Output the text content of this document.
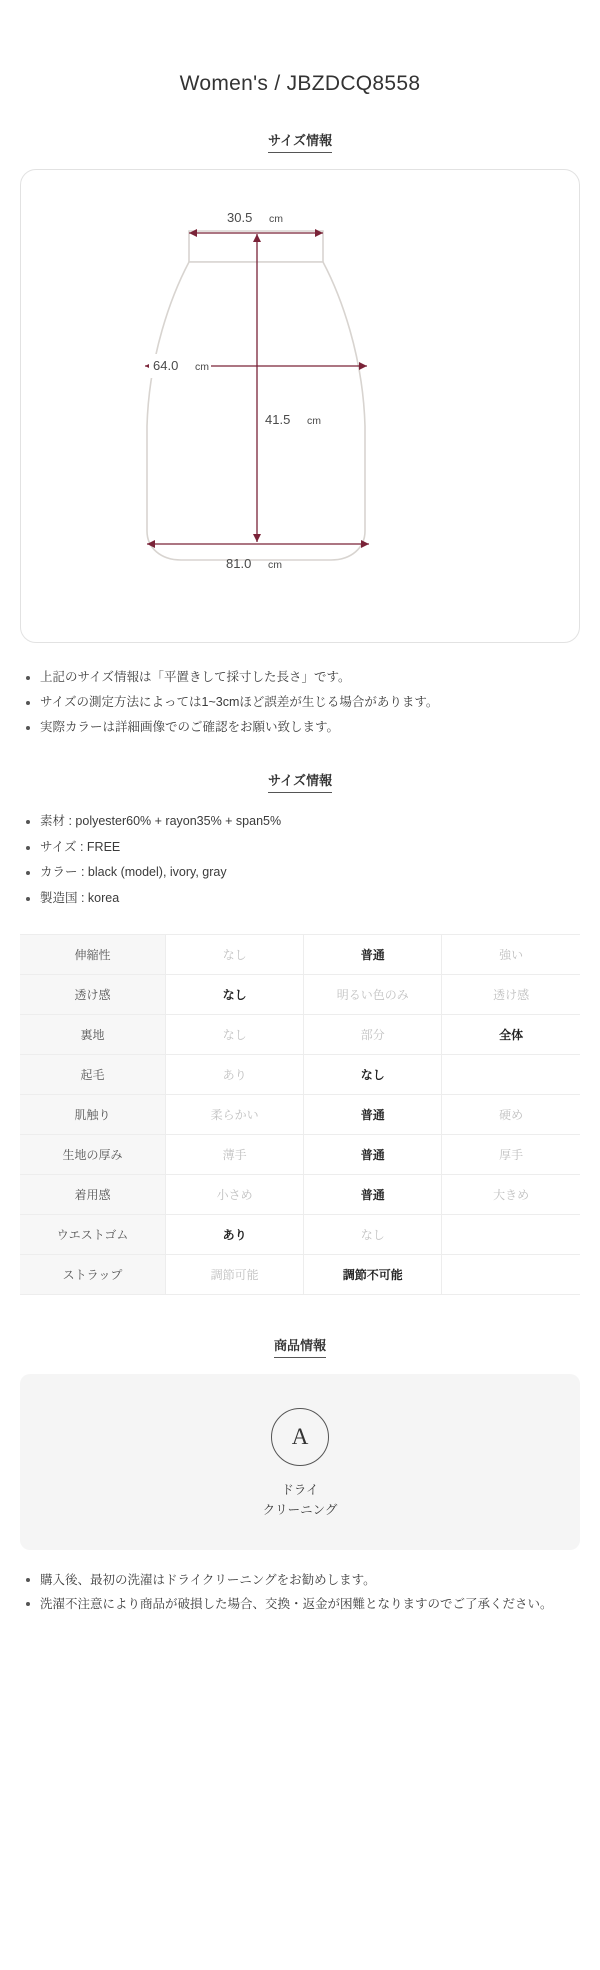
Women's / JBZDCQ8558
サイズ情報
30.5 cm
64.0 cm
41.5 cm
81.0 cm
上記のサイズ情報は「平置きして採寸した長さ」です。
サイズの測定方法によっては1~3cmほど誤差が生じる場合があります。
実際カラーは詳細画像でのご確認をお願い致します。
サイズ情報
素材 : polyester60% + rayon35% + span5%
サイズ : FREE
カラー : black (model), ivory, gray
製造国 : korea
伸縮性	なし	普通	強い
透け感	なし	明るい色のみ	透け感
裏地	なし	部分	全体
起毛	あり	なし	
肌触り	柔らかい	普通	硬め
生地の厚み	薄手	普通	厚手
着用感	小さめ	普通	大きめ
ウエストゴム	あり	なし	
ストラップ	調節可能	調節不可能	
商品情報
A
ドライ
クリーニング
購入後、最初の洗濯はドライクリーニングをお勧めします。
洗濯不注意により商品が破損した場合、交換・返金が困難となりますのでご了承ください。
